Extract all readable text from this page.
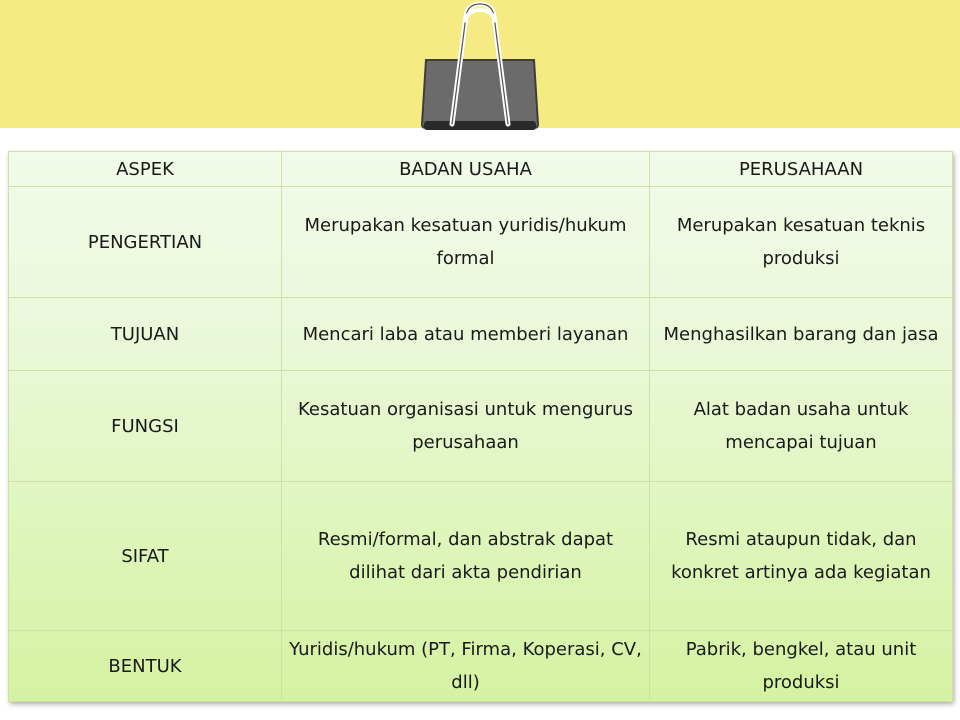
ASPEK	BADAN USAHA	PERUSAHAAN
PENGERTIAN	Merupakan kesatuan yuridis/hukum formal	Merupakan kesatuan teknis produksi
TUJUAN	Mencari laba atau memberi layanan	Menghasilkan barang dan jasa
FUNGSI	Kesatuan organisasi untuk mengurus perusahaan	Alat badan usaha untuk mencapai tujuan
SIFAT	Resmi/formal, dan abstrak dapat dilihat dari akta pendirian	Resmi ataupun tidak, dan konkret artinya ada kegiatan
BENTUK	Yuridis/hukum (PT, Firma, Koperasi, CV, dll)	Pabrik, bengkel, atau unit produksi
